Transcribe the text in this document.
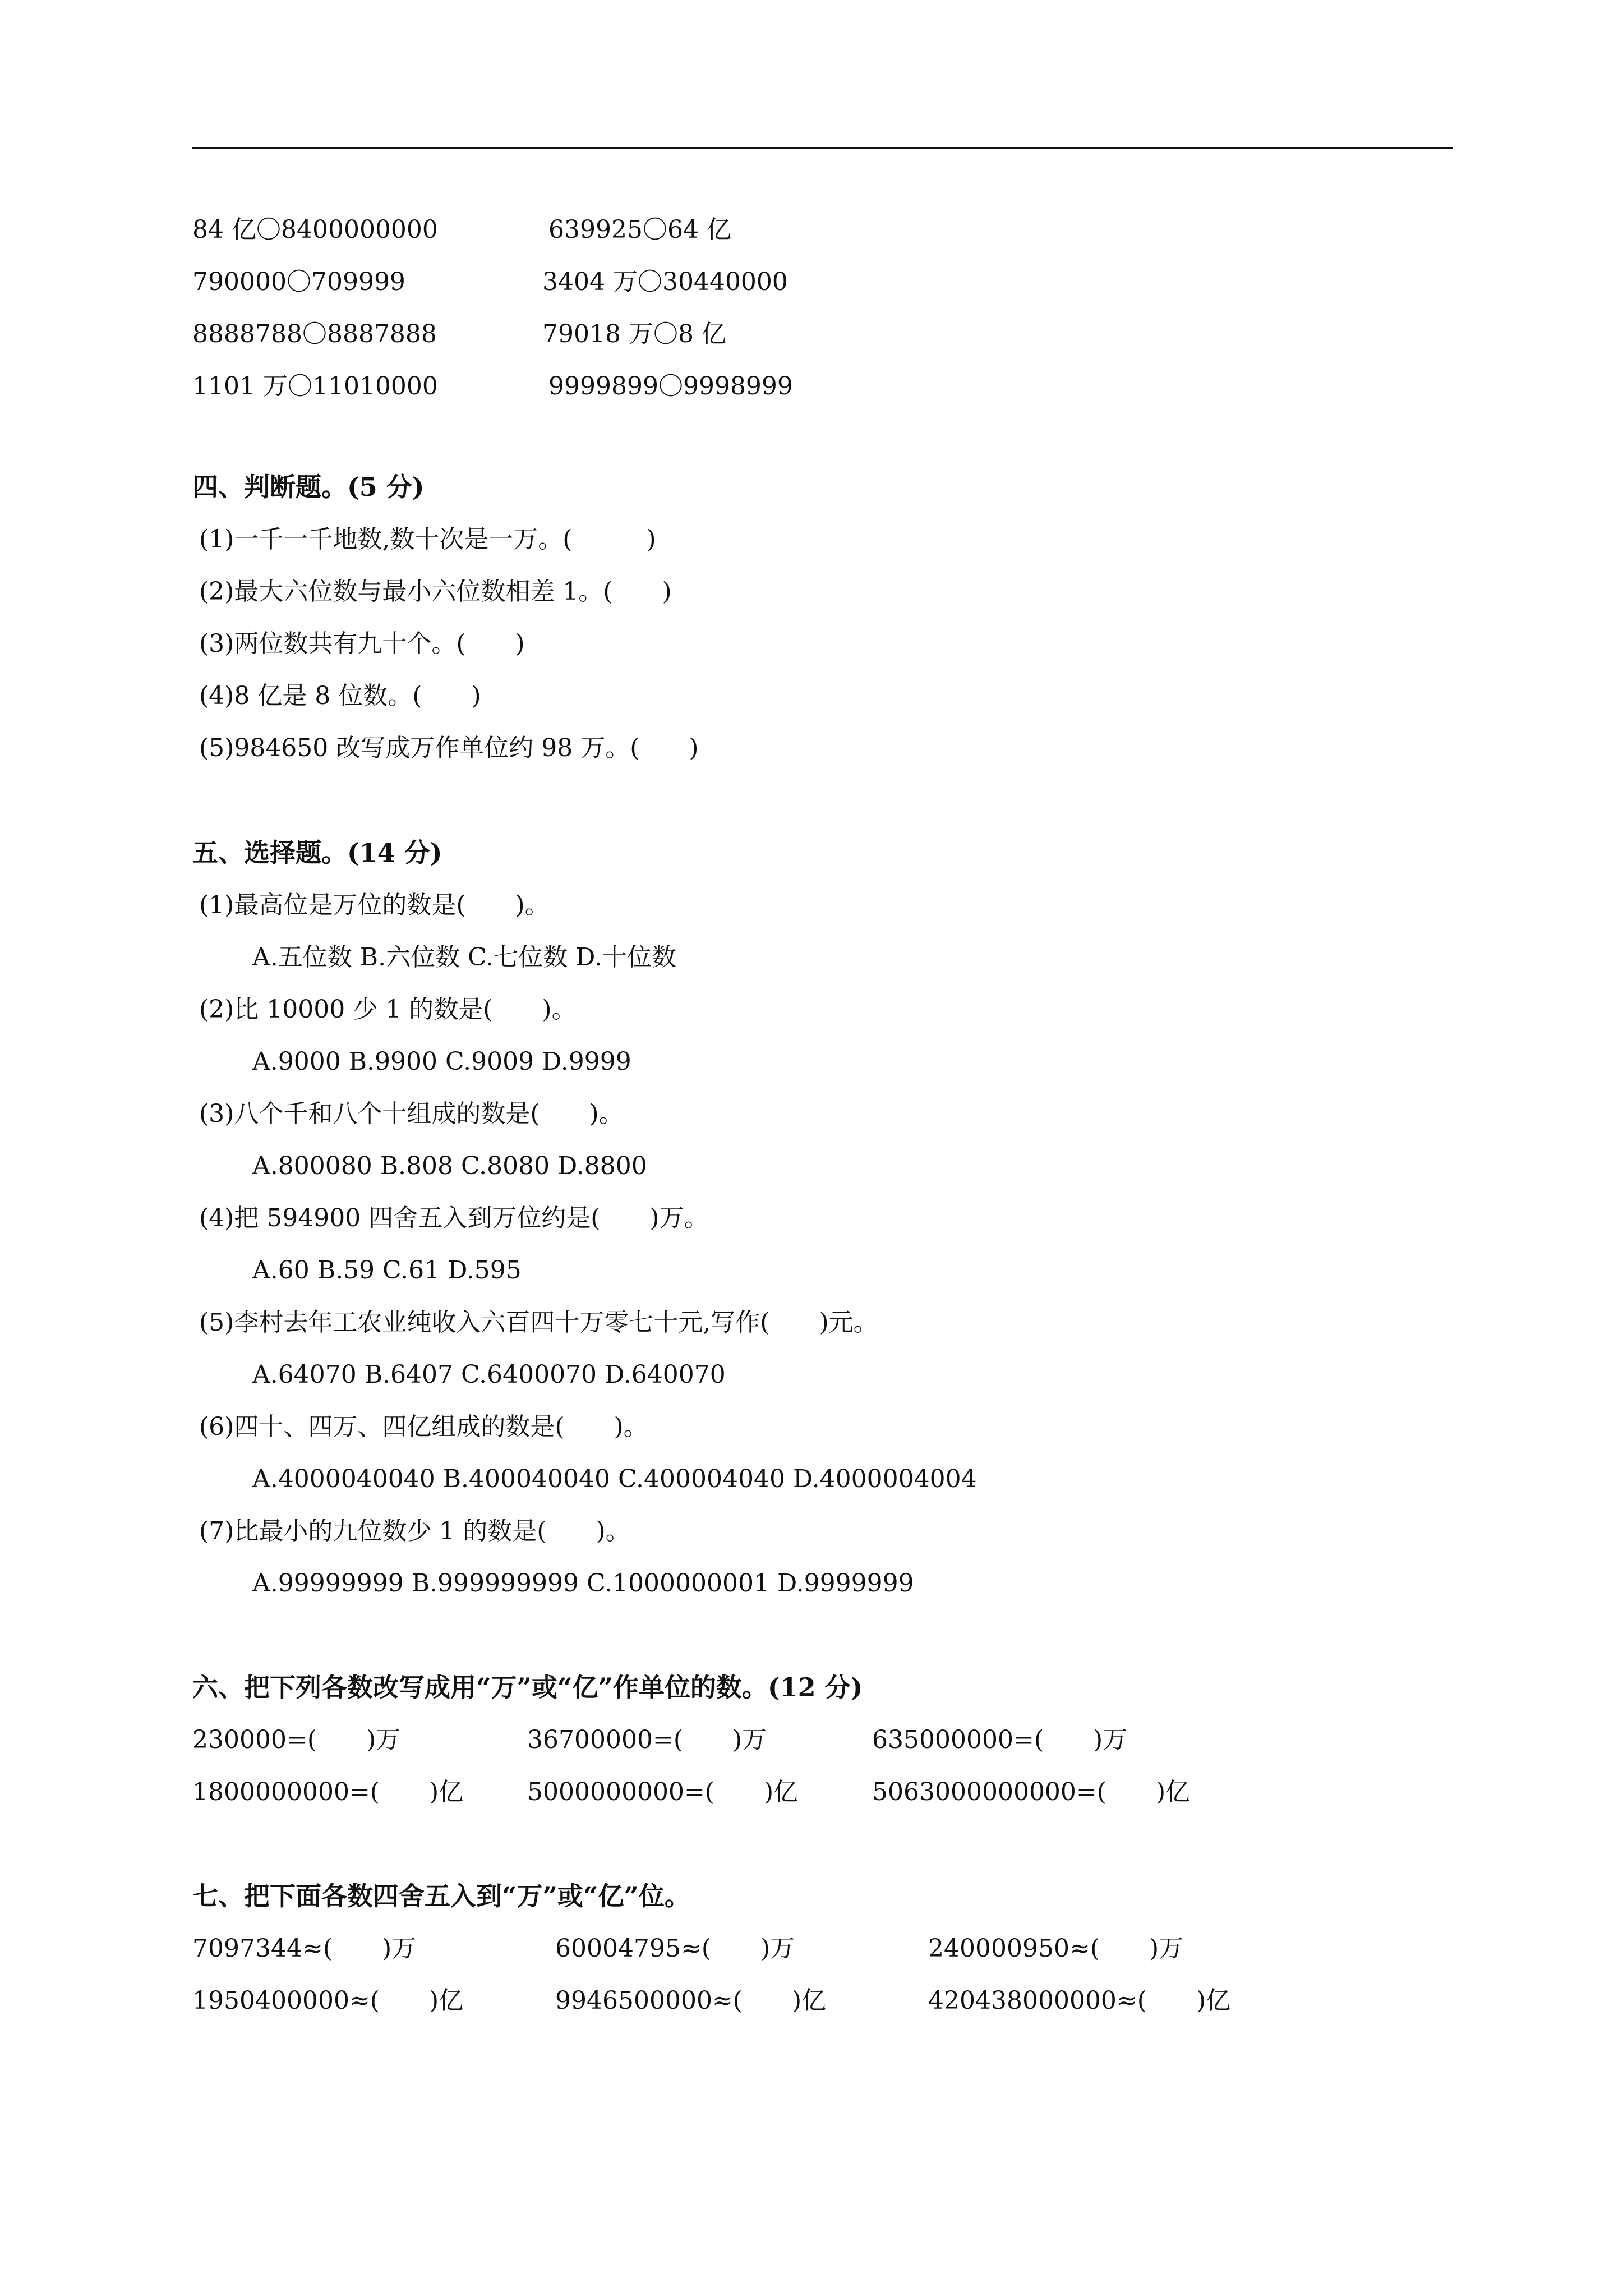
84 亿〇8400000000	639925〇64 亿
790000〇709999	3404 万〇30440000
8888788〇8887888	79018 万〇8 亿
1101 万〇11010000	9999899〇9998999
四、判断题。(5 分)
(1)一千一千地数,数十次是一万。(　　　)
(2)最大六位数与最小六位数相差 1。(　　)
(3)两位数共有九十个。(　　)
(4)8 亿是 8 位数。(　　)
(5)984650 改写成万作单位约 98 万。(　　)
五、选择题。(14 分)
(1)最高位是万位的数是(　　)。
A.五位数 B.六位数 C.七位数 D.十位数
(2)比 10000 少 1 的数是(　　)。
A.9000 B.9900 C.9009 D.9999
(3)八个千和八个十组成的数是(　　)。
A.800080 B.808 C.8080 D.8800
(4)把 594900 四舍五入到万位约是(　　)万。
A.60 B.59 C.61 D.595
(5)李村去年工农业纯收入六百四十万零七十元,写作(　　)元。
A.64070 B.6407 C.6400070 D.640070
(6)四十、四万、四亿组成的数是(　　)。
A.4000040040 B.400040040 C.400004040 D.4000004004
(7)比最小的九位数少 1 的数是(　　)。
A.99999999 B.999999999 C.1000000001 D.9999999
六、把下列各数改写成用“万”或“亿”作单位的数。(12 分)
230000=(　　)万	36700000=(　　)万	635000000=(　　)万
1800000000=(　　)亿	5000000000=(　　)亿	5063000000000=(　　)亿
七、把下面各数四舍五入到“万”或“亿”位。
7097344≈(　　)万	60004795≈(　　)万	240000950≈(　　)万
1950400000≈(　　)亿	9946500000≈(　　)亿	420438000000≈(　　)亿
